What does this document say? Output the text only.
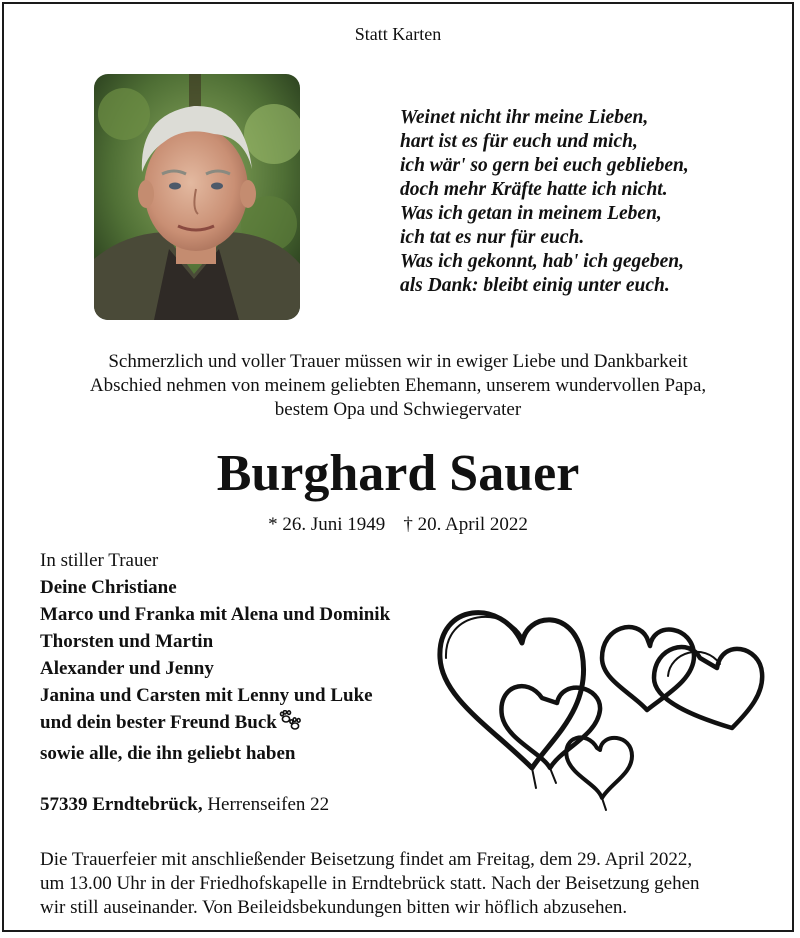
Statt Karten
Weinet nicht ihr meine Lieben,
hart ist es für euch und mich,
ich wär' so gern bei euch geblieben,
doch mehr Kräfte hatte ich nicht.
Was ich getan in meinem Leben,
ich tat es nur für euch.
Was ich gekonnt, hab' ich gegeben,
als Dank: bleibt einig unter euch.
Schmerzlich und voller Trauer müssen wir in ewiger Liebe und Dankbarkeit
Abschied nehmen von meinem geliebten Ehemann, unserem wundervollen Papa,
bestem Opa und Schwiegervater
Burghard Sauer
* 26. Juni 1949 † 20. April 2022
In stiller Trauer
Deine Christiane
Marco und Franka mit Alena und Dominik
Thorsten und Martin
Alexander und Jenny
Janina und Carsten mit Lenny und Luke
und dein bester Freund Buck
sowie alle, die ihn geliebt haben
57339 Erndtebrück, Herrenseifen 22
Die Trauerfeier mit anschließender Beisetzung findet am Freitag, dem 29. April 2022,
um 13.00 Uhr in der Friedhofskapelle in Erndtebrück statt. Nach der Beisetzung gehen
wir still auseinander. Von Beileidsbekundungen bitten wir höflich abzusehen.
